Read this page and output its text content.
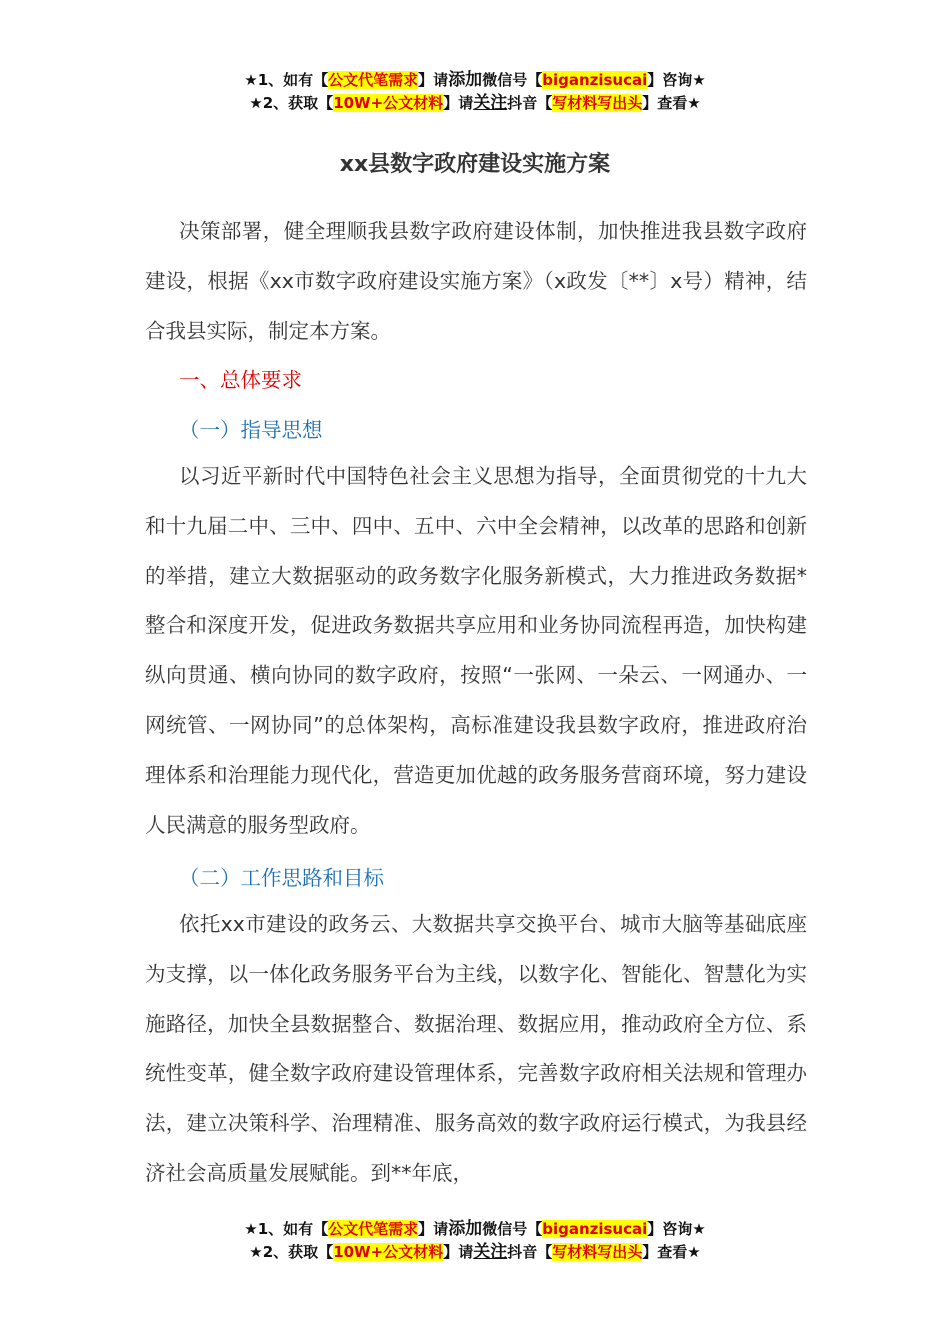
★1、如有【公文代笔需求】请添加微信号【biganzisucai】咨询★
★2、获取【10W+公文材料】请关注抖音【写材料写出头】查看★
xx县数字政府建设实施方案
决策部署，健全理顺我县数字政府建设体制，加快推进我县数字政府建设，根据《xx市数字政府建设实施方案》（x政发〔**〕x号）精神，结合我县实际，制定本方案。
一、总体要求
（一）指导思想
以习近平新时代中国特色社会主义思想为指导，全面贯彻党的十九大和十九届二中、三中、四中、五中、六中全会精神，以改革的思路和创新的举措，建立大数据驱动的政务数字化服务新模式，大力推进政务数据*整合和深度开发，促进政务数据共享应用和业务协同流程再造，加快构建纵向贯通、横向协同的数字政府，按照“一张网、一朵云、一网通办、一网统管、一网协同”的总体架构，高标准建设我县数字政府，推进政府治理体系和治理能力现代化，营造更加优越的政务服务营商环境，努力建设人民满意的服务型政府。
（二）工作思路和目标
依托xx市建设的政务云、大数据共享交换平台、城市大脑等基础底座为支撑，以一体化政务服务平台为主线，以数字化、智能化、智慧化为实施路径，加快全县数据整合、数据治理、数据应用，推动政府全方位、系统性变革，健全数字政府建设管理体系，完善数字政府相关法规和管理办法，建立决策科学、治理精准、服务高效的数字政府运行模式，为我县经济社会高质量发展赋能。到**年底，
★1、如有【公文代笔需求】请添加微信号【biganzisucai】咨询★
★2、获取【10W+公文材料】请关注抖音【写材料写出头】查看★
